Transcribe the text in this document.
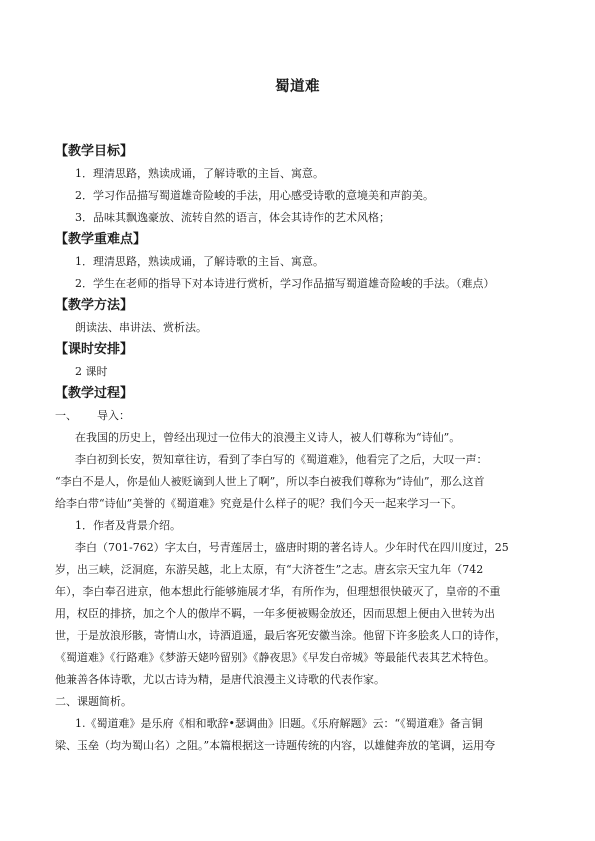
蜀道难
【教学目标】
1．理清思路，熟读成诵，了解诗歌的主旨、寓意。
2．学习作品描写蜀道雄奇险峻的手法，用心感受诗歌的意境美和声韵美。
3．品味其飘逸豪放、流转自然的语言，体会其诗作的艺术风格；
【教学重难点】
1．理清思路，熟读成诵，了解诗歌的主旨、寓意。
2．学生在老师的指导下对本诗进行赏析，学习作品描写蜀道雄奇险峻的手法。（难点）
【教学方法】
朗读法、串讲法、赏析法。
【课时安排】
2 课时
【教学过程】
一、 导入：
在我国的历史上，曾经出现过一位伟大的浪漫主义诗人，被人们尊称为“诗仙”。
李白初到长安，贺知章往访，看到了李白写的《蜀道难》，他看完了之后，大叹一声：
“李白不是人，你是仙人被贬谪到人世上了啊”，所以李白被我们尊称为“诗仙”，那么这首
给李白带“诗仙”美誉的《蜀道难》究竟是什么样子的呢？我们今天一起来学习一下。
1．作者及背景介绍。
李白（701-762）字太白，号青莲居士，盛唐时期的著名诗人。少年时代在四川度过，25
岁，出三峡，泛洞庭，东游吴越，北上太原，有“大济苍生”之志。唐玄宗天宝九年（742
年），李白奉召进京，他本想此行能够施展才华，有所作为，但理想很快破灭了，皇帝的不重
用，权臣的排挤，加之个人的傲岸不羁，一年多便被赐金放还，因而思想上便由入世转为出
世，于是放浪形骸，寄情山水，诗酒逍遥，最后客死安徽当涂。他留下许多脍炙人口的诗作，
《蜀道难》《行路难》《梦游天姥吟留别》《静夜思》《早发白帝城》等最能代表其艺术特色。
他兼善各体诗歌，尤以古诗为精，是唐代浪漫主义诗歌的代表作家。
二、课题简析。
1.《蜀道难》是乐府《相和歌辞•瑟调曲》旧题。《乐府解题》云：“《蜀道难》备言铜
梁、玉垒（均为蜀山名）之阻。”本篇根据这一诗题传统的内容，以雄健奔放的笔调，运用夸
